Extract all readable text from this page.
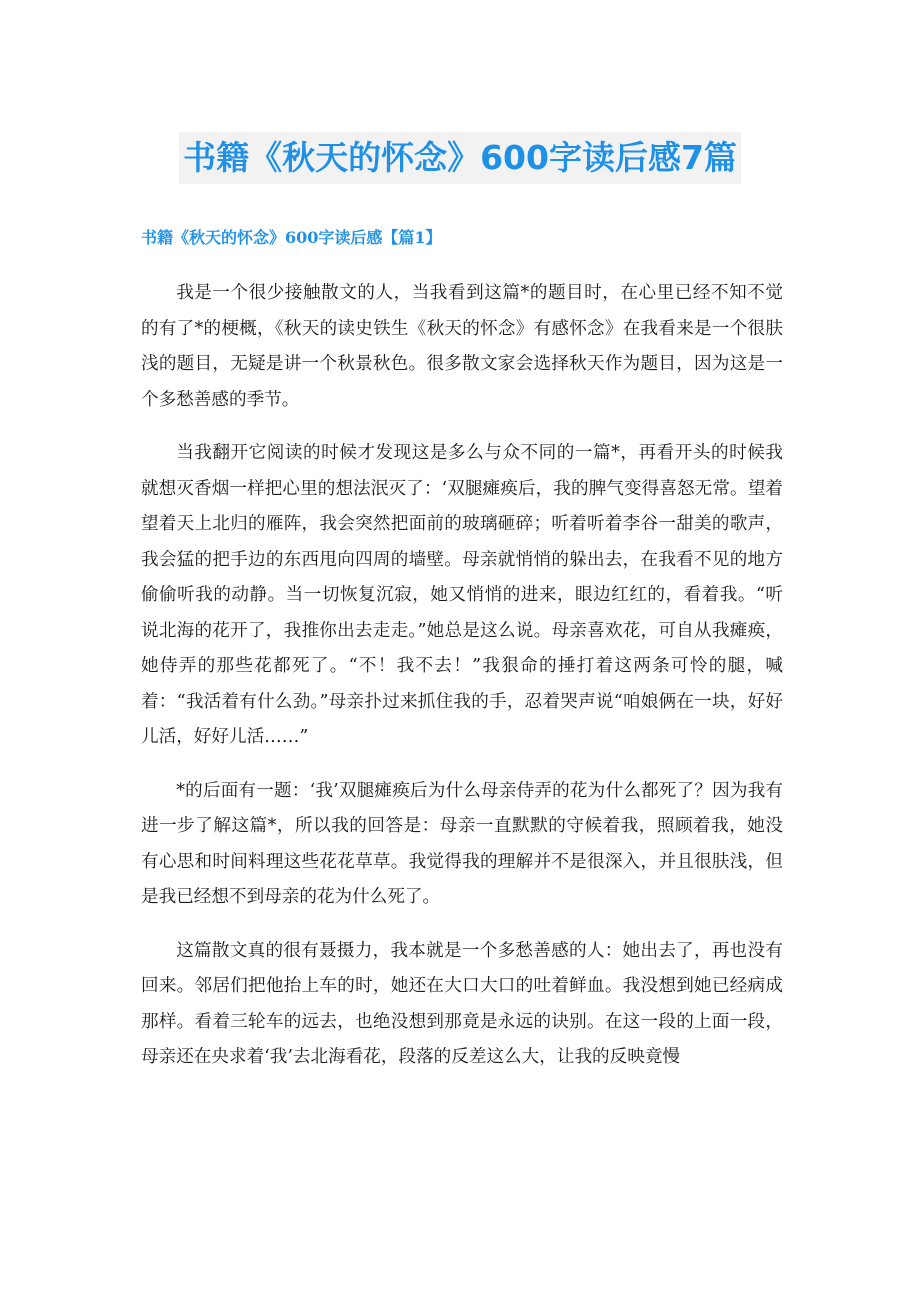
书籍《秋天的怀念》600字读后感7篇
书籍《秋天的怀念》600字读后感【篇1】

我是一个很少接触散文的人，当我看到这篇*的题目时，在心里已经不知不觉的有了*的梗概，《秋天的读史铁生《秋天的怀念》有感怀念》在我看来是一个很肤浅的题目，无疑是讲一个秋景秋色。很多散文家会选择秋天作为题目，因为这是一个多愁善感的季节。

当我翻开它阅读的时候才发现这是多么与众不同的一篇*，再看开头的时候我就想灭香烟一样把心里的想法泯灭了：‘双腿瘫痪后，我的脾气变得喜怒无常。望着望着天上北归的雁阵，我会突然把面前的玻璃砸碎；听着听着李谷一甜美的歌声，我会猛的把手边的东西甩向四周的墙壁。母亲就悄悄的躲出去，在我看不见的地方偷偷听我的动静。当一切恢复沉寂，她又悄悄的进来，眼边红红的，看着我。“听说北海的花开了，我推你出去走走。”她总是这么说。母亲喜欢花，可自从我瘫痪，她侍弄的那些花都死了。“不！我不去！”我狠命的捶打着这两条可怜的腿，喊着：“我活着有什么劲。”母亲扑过来抓住我的手，忍着哭声说“咱娘俩在一块，好好儿活，好好儿活……”

*的后面有一题：‘我’双腿瘫痪后为什么母亲侍弄的花为什么都死了？因为我有进一步了解这篇*，所以我的回答是：母亲一直默默的守候着我，照顾着我，她没有心思和时间料理这些花花草草。我觉得我的理解并不是很深入，并且很肤浅，但是我已经想不到母亲的花为什么死了。

这篇散文真的很有聂摄力，我本就是一个多愁善感的人：她出去了，再也没有回来。邻居们把他抬上车的时，她还在大口大口的吐着鲜血。我没想到她已经病成那样。看着三轮车的远去，也绝没想到那竟是永远的诀别。在这一段的上面一段，母亲还在央求着‘我’去北海看花，段落的反差这么大，让我的反映竟慢
